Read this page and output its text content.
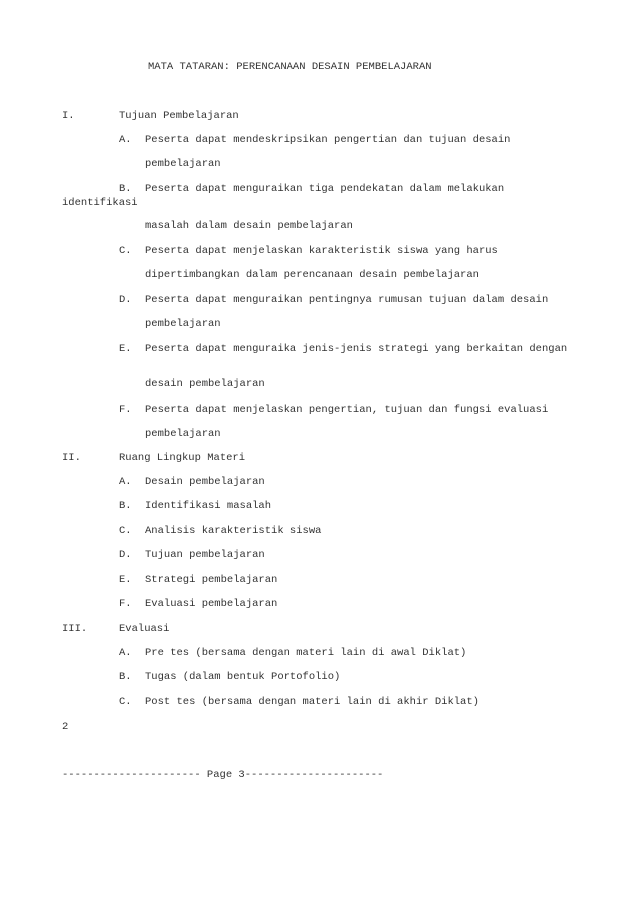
MATA TATARAN: PERENCANAAN DESAIN PEMBELAJARAN
I.	Tujuan Pembelajaran
A. Peserta dapat mendeskripsikan pengertian dan tujuan desain
pembelajaran
B. Peserta dapat menguraikan tiga pendekatan dalam melakukan
identifikasi
masalah dalam desain pembelajaran
C. Peserta dapat menjelaskan karakteristik siswa yang harus
dipertimbangkan dalam perencanaan desain pembelajaran
D. Peserta dapat menguraikan pentingnya rumusan tujuan dalam desain
pembelajaran
E. Peserta dapat menguraika jenis-jenis strategi yang berkaitan dengan
desain pembelajaran
F. Peserta dapat menjelaskan pengertian, tujuan dan fungsi evaluasi
pembelajaran
II.	Ruang Lingkup Materi
A. Desain pembelajaran
B. Identifikasi masalah
C. Analisis karakteristik siswa
D. Tujuan pembelajaran
E. Strategi pembelajaran
F. Evaluasi pembelajaran
III.	Evaluasi
A. Pre tes (bersama dengan materi lain di awal Diklat)
B. Tugas (dalam bentuk Portofolio)
C. Post tes (bersama dengan materi lain di akhir Diklat)
2
---------------------- Page 3----------------------
